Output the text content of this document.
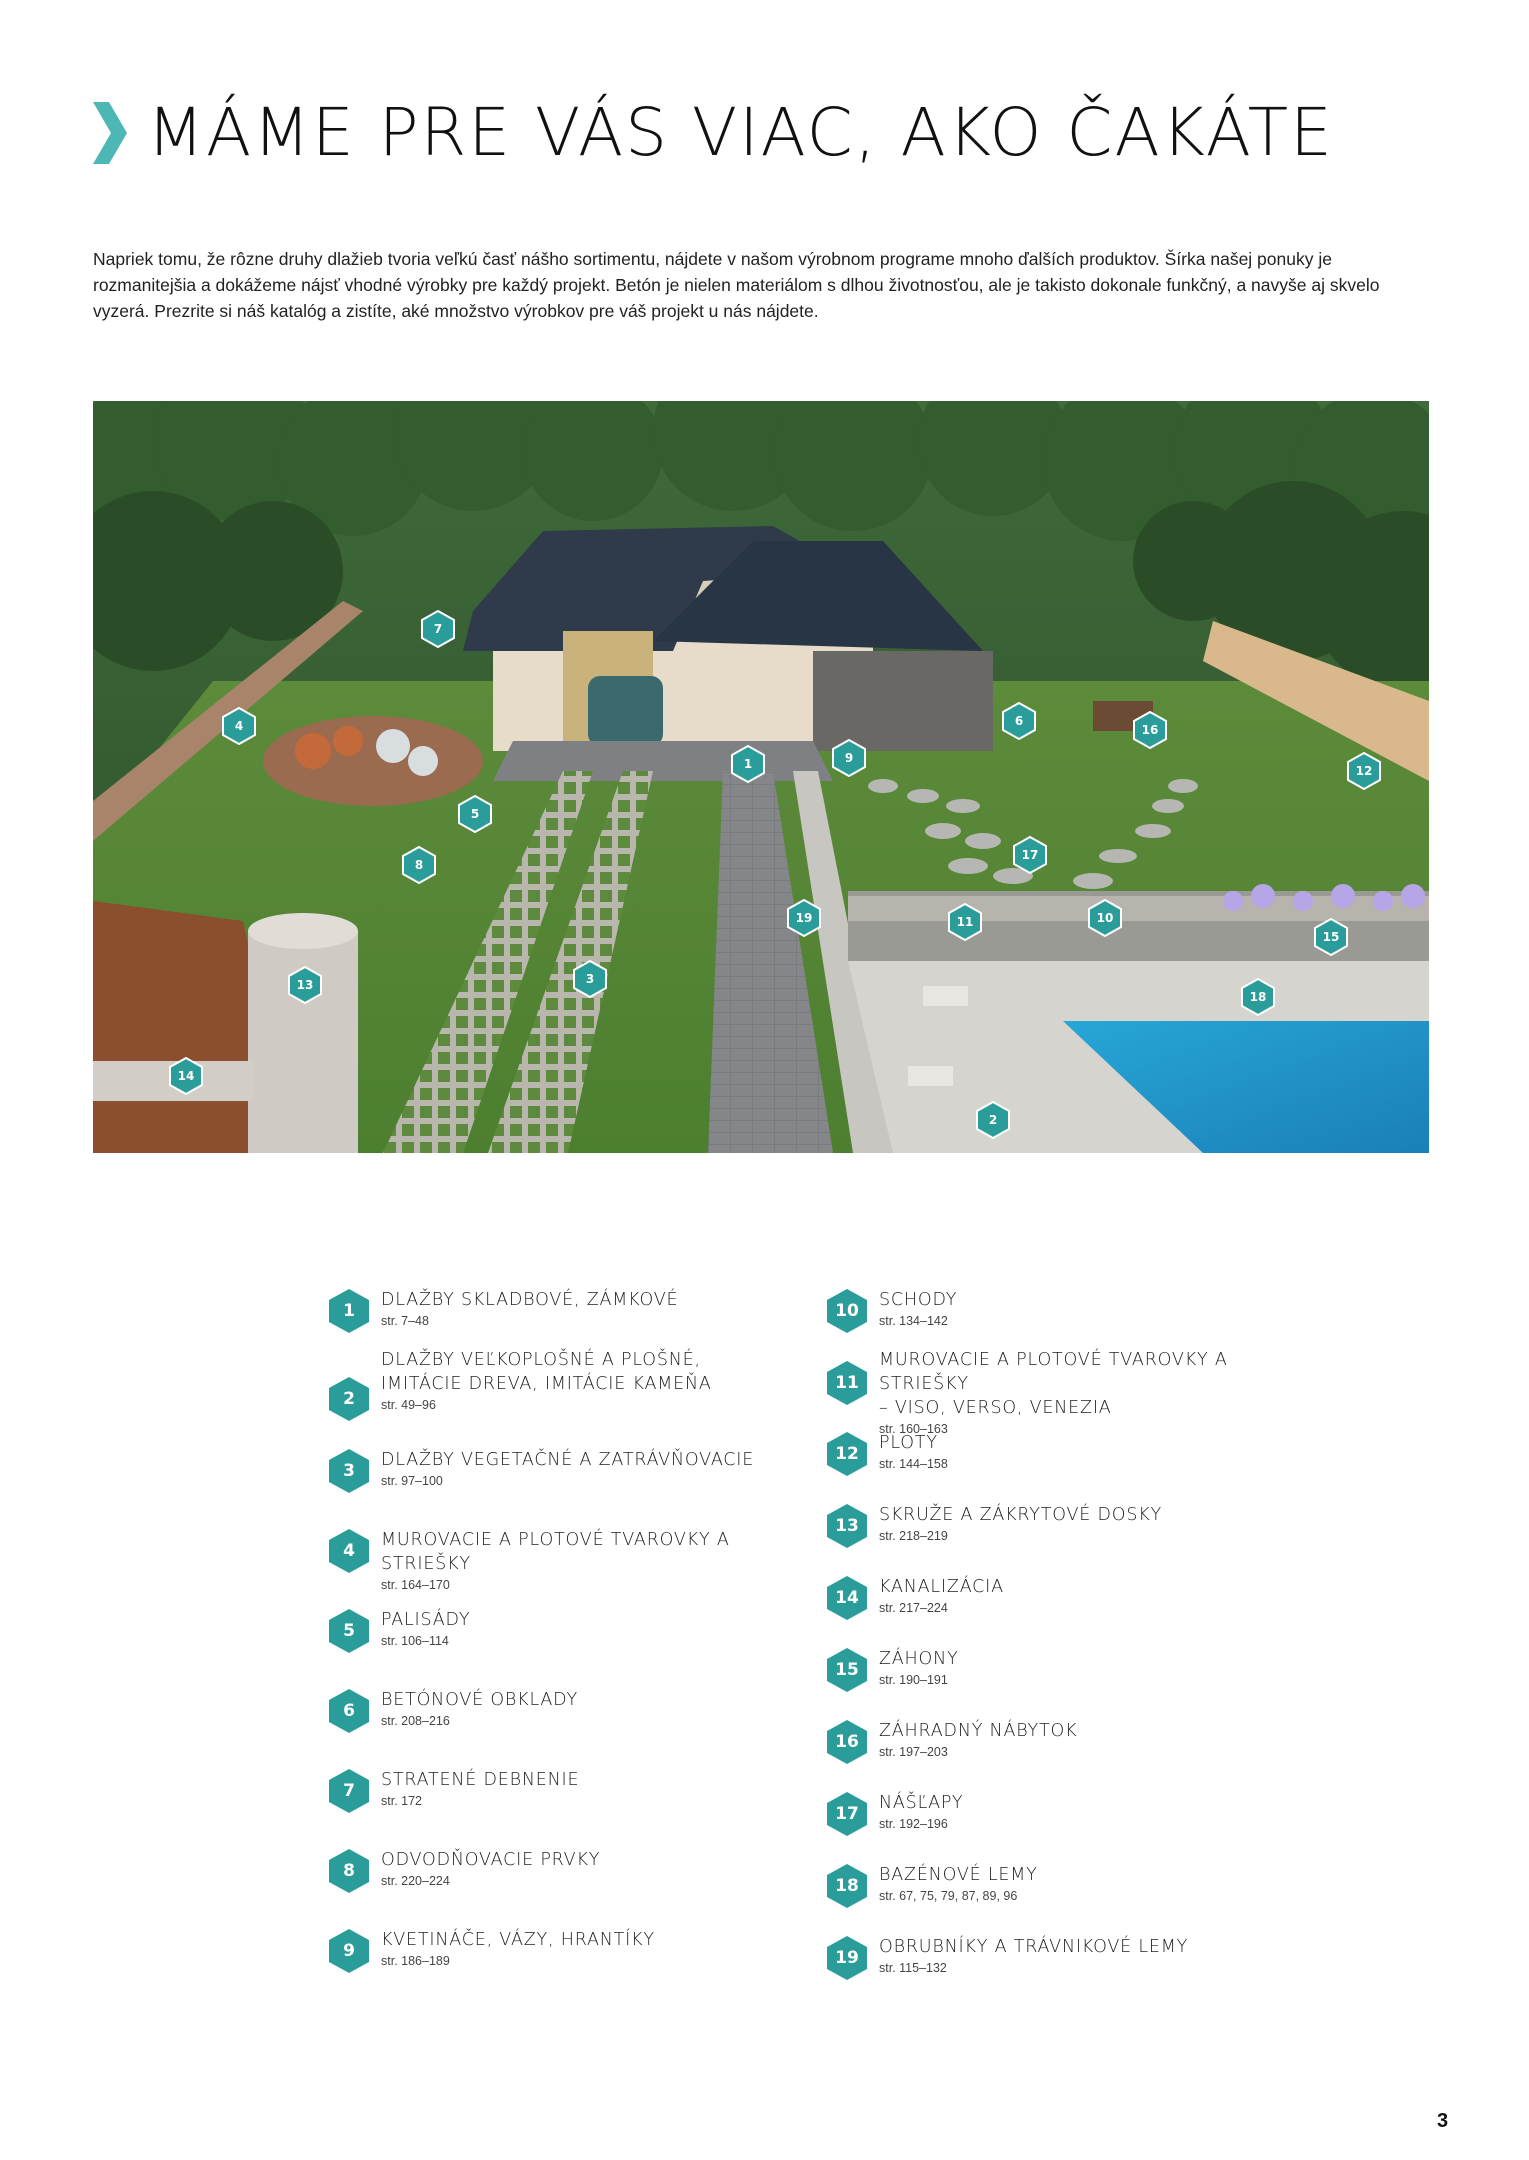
MÁME PRE VÁS VIAC, AKO ČAKÁTE
Napriek tomu, že rôzne druhy dlažieb tvoria veľkú časť nášho sortimentu, nájdete v našom výrobnom programe mnoho ďalších produktov. Šírka našej ponuky je rozmanitejšia a dokážeme nájsť vhodné výrobky pre každý projekt. Betón je nielen materiálom s dlhou životnosťou, ale je takisto dokonale funkčný, a navyše aj skvelo vyzerá. Prezrite si náš katalóg a zistíte, aké množstvo výrobkov pre váš projekt u nás nájdete.
1
2
3
4
5
6
7
8
9
10
11
12
13
14
15
16
17
18
19
1
DLAŽBY SKLADBOVÉ, ZÁMKOVÉ
str. 7–48
2
DLAŽBY VEĽKOPLOŠNÉ A PLOŠNÉ,
IMITÁCIE DREVA, IMITÁCIE KAMEŇA
str. 49–96
3
DLAŽBY VEGETAČNÉ A ZATRÁVŇOVACIE
str. 97–100
4
MUROVACIE A PLOTOVÉ TVAROVKY A STRIEŠKY
str. 164–170
5
PALISÁDY
str. 106–114
6
BETÓNOVÉ OBKLADY
str. 208–216
7
STRATENÉ DEBNENIE
str. 172
8
ODVODŇOVACIE PRVKY
str. 220–224
9
KVETINÁČE, VÁZY, HRANTÍKY
str. 186–189
10
SCHODY
str. 134–142
11
MUROVACIE A PLOTOVÉ TVAROVKY A STRIEŠKY
– VISO, VERSO, VENEZIA
str. 160–163
12
PLOTY
str. 144–158
13
SKRUŽE A ZÁKRYTOVÉ DOSKY
str. 218–219
14
KANALIZÁCIA
str. 217–224
15
ZÁHONY
str. 190–191
16
ZÁHRADNÝ NÁBYTOK
str. 197–203
17
NÁŠĽAPY
str. 192–196
18
BAZÉNOVÉ LEMY
str. 67, 75, 79, 87, 89, 96
19
OBRUBNÍKY A TRÁVNIKOVÉ LEMY
str. 115–132
3
